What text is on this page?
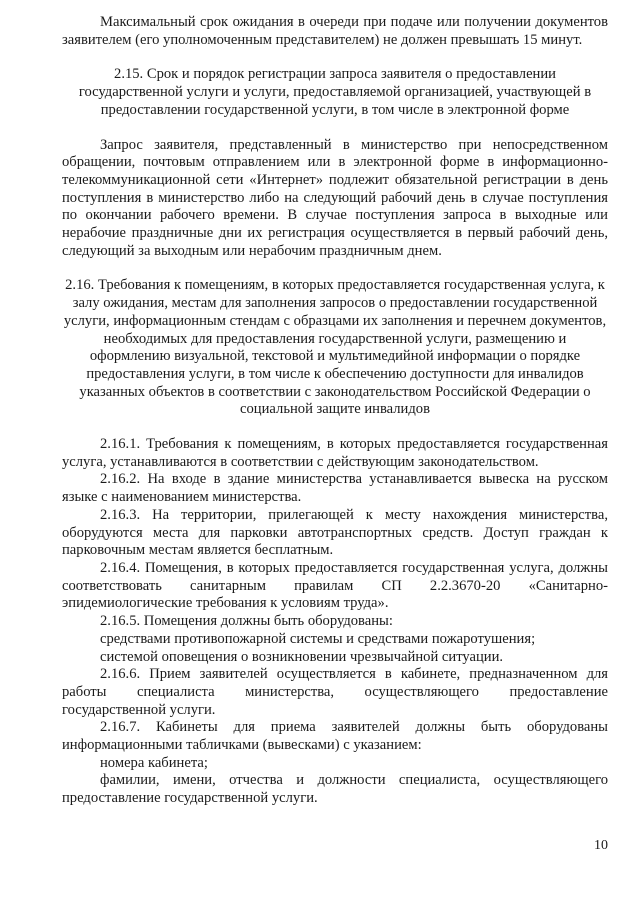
Максимальный срок ожидания в очереди при подаче или получении документов заявителем (его уполномоченным представителем) не должен превышать 15 минут.

2.15. Срок и порядок регистрации запроса заявителя о предоставлении государственной услуги и услуги, предоставляемой организацией, участвующей в предоставлении государственной услуги, в том числе в электронной форме

Запрос заявителя, представленный в министерство при непосредственном обращении, почтовым отправлением или в электронной форме в информационно-телекоммуникационной сети «Интернет» подлежит обязательной регистрации в день поступления в министерство либо на следующий рабочий день в случае поступления по окончании рабочего времени. В случае поступления запроса в выходные или нерабочие праздничные дни их регистрация осуществляется в первый рабочий день, следующий за выходным или нерабочим праздничным днем.

2.16. Требования к помещениям, в которых предоставляется государственная услуга, к залу ожидания, местам для заполнения запросов о предоставлении государственной услуги, информационным стендам с образцами их заполнения и перечнем документов, необходимых для предоставления государственной услуги, размещению и оформлению визуальной, текстовой и мультимедийной информации о порядке предоставления услуги, в том числе к обеспечению доступности для инвалидов указанных объектов в соответствии с законодательством Российской Федерации о социальной защите инвалидов

2.16.1. Требования к помещениям, в которых предоставляется государственная услуга, устанавливаются в соответствии с действующим законодательством.

2.16.2. На входе в здание министерства устанавливается вывеска на русском языке с наименованием министерства.

2.16.3. На территории, прилегающей к месту нахождения министерства, оборудуются места для парковки автотранспортных средств. Доступ граждан к парковочным местам является бесплатным.

2.16.4. Помещения, в которых предоставляется государственная услуга, должны соответствовать санитарным правилам СП 2.2.3670-20 «Санитарно-эпидемиологические требования к условиям труда».

2.16.5. Помещения должны быть оборудованы:

средствами противопожарной системы и средствами пожаротушения;

системой оповещения о возникновении чрезвычайной ситуации.

2.16.6. Прием заявителей осуществляется в кабинете, предназначенном для работы специалиста министерства, осуществляющего предоставление государственной услуги.

2.16.7. Кабинеты для приема заявителей должны быть оборудованы информационными табличками (вывесками) с указанием:

номера кабинета;

фамилии, имени, отчества и должности специалиста, осуществляющего предоставление государственной услуги.

10
